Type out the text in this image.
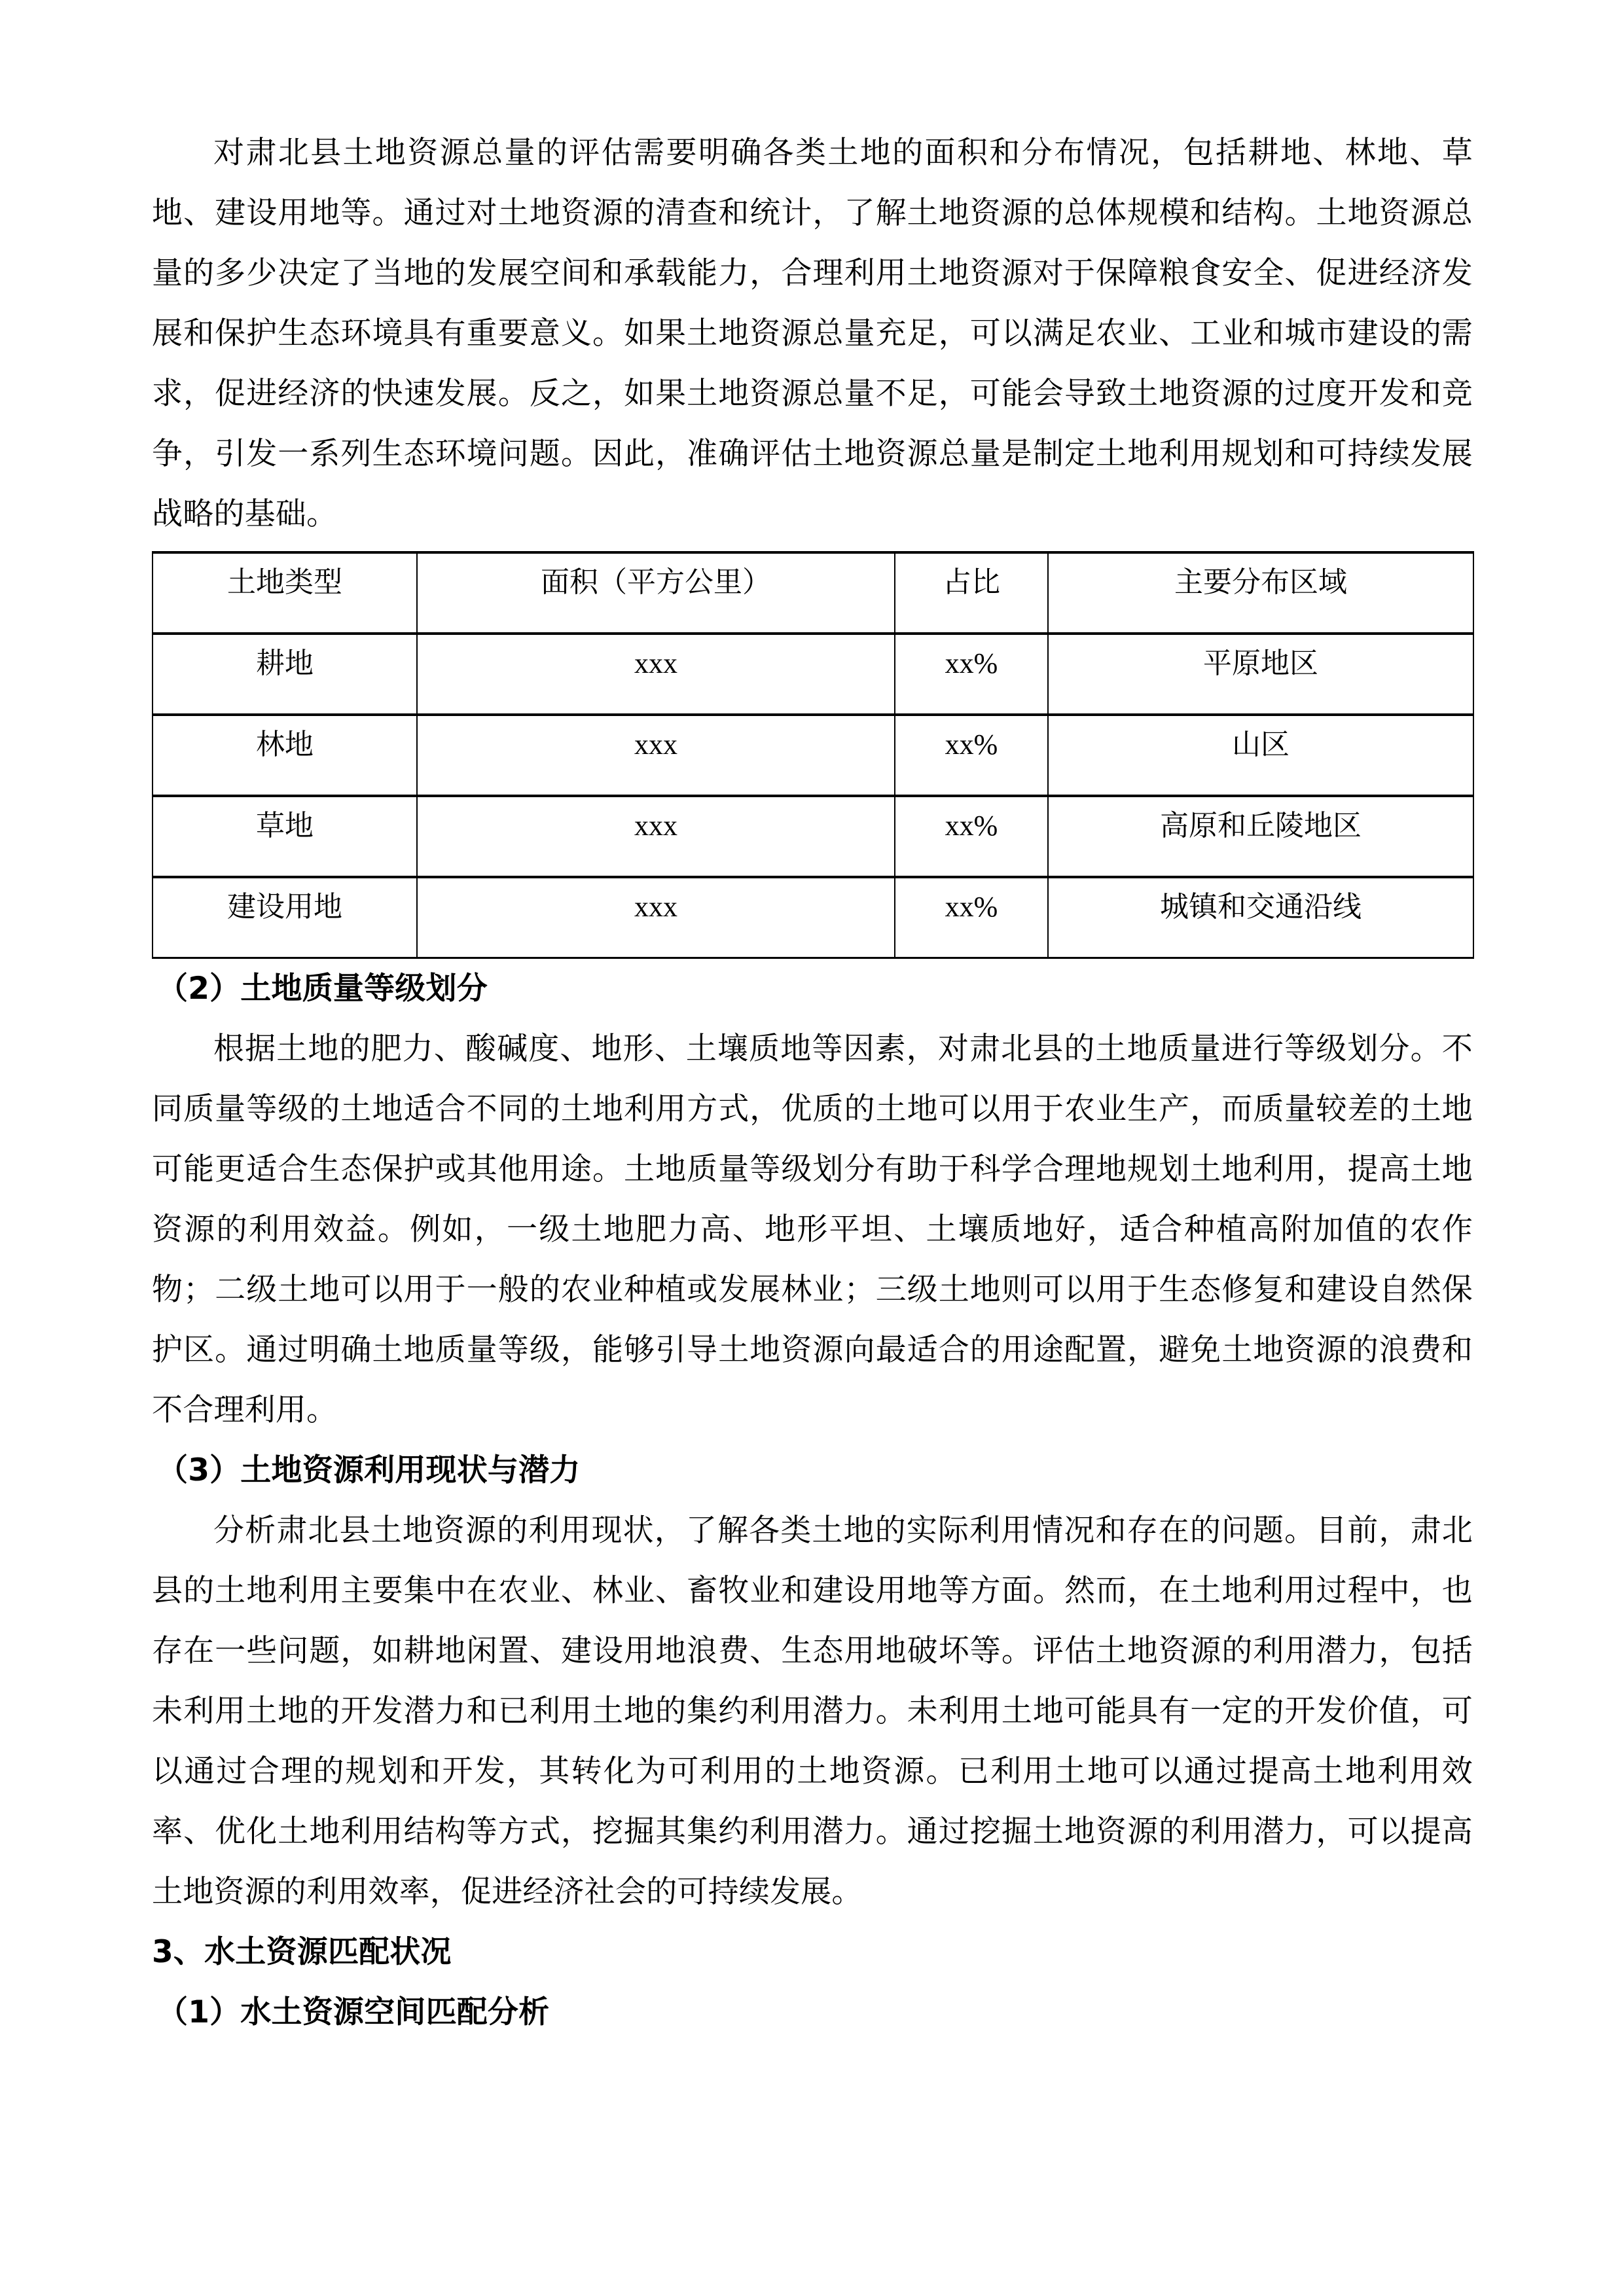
对肃北县土地资源总量的评估需要明确各类土地的面积和分布情况，包括耕地、林地、草地、建设用地等。通过对土地资源的清查和统计，了解土地资源的总体规模和结构。土地资源总量的多少决定了当地的发展空间和承载能力，合理利用土地资源对于保障粮食安全、促进经济发展和保护生态环境具有重要意义。如果土地资源总量充足，可以满足农业、工业和城市建设的需求，促进经济的快速发展。反之，如果土地资源总量不足，可能会导致土地资源的过度开发和竞争，引发一系列生态环境问题。因此，准确评估土地资源总量是制定土地利用规划和可持续发展战略的基础。

土地类型	面积（平方公里）	占比	主要分布区域
耕地	xxx	xx%	平原地区
林地	xxx	xx%	山区
草地	xxx	xx%	高原和丘陵地区
建设用地	xxx	xx%	城镇和交通沿线
（2）土地质量等级划分

根据土地的肥力、酸碱度、地形、土壤质地等因素，对肃北县的土地质量进行等级划分。不同质量等级的土地适合不同的土地利用方式，优质的土地可以用于农业生产，而质量较差的土地可能更适合生态保护或其他用途。土地质量等级划分有助于科学合理地规划土地利用，提高土地资源的利用效益。例如，一级土地肥力高、地形平坦、土壤质地好，适合种植高附加值的农作物；二级土地可以用于一般的农业种植或发展林业；三级土地则可以用于生态修复和建设自然保护区。通过明确土地质量等级，能够引导土地资源向最适合的用途配置，避免土地资源的浪费和不合理利用。

（3）土地资源利用现状与潜力

分析肃北县土地资源的利用现状，了解各类土地的实际利用情况和存在的问题。目前，肃北县的土地利用主要集中在农业、林业、畜牧业和建设用地等方面。然而，在土地利用过程中，也存在一些问题，如耕地闲置、建设用地浪费、生态用地破坏等。评估土地资源的利用潜力，包括未利用土地的开发潜力和已利用土地的集约利用潜力。未利用土地可能具有一定的开发价值，可以通过合理的规划和开发，其转化为可利用的土地资源。已利用土地可以通过提高土地利用效率、优化土地利用结构等方式，挖掘其集约利用潜力。通过挖掘土地资源的利用潜力，可以提高土地资源的利用效率，促进经济社会的可持续发展。

3、水土资源匹配状况
（1）水土资源空间匹配分析
